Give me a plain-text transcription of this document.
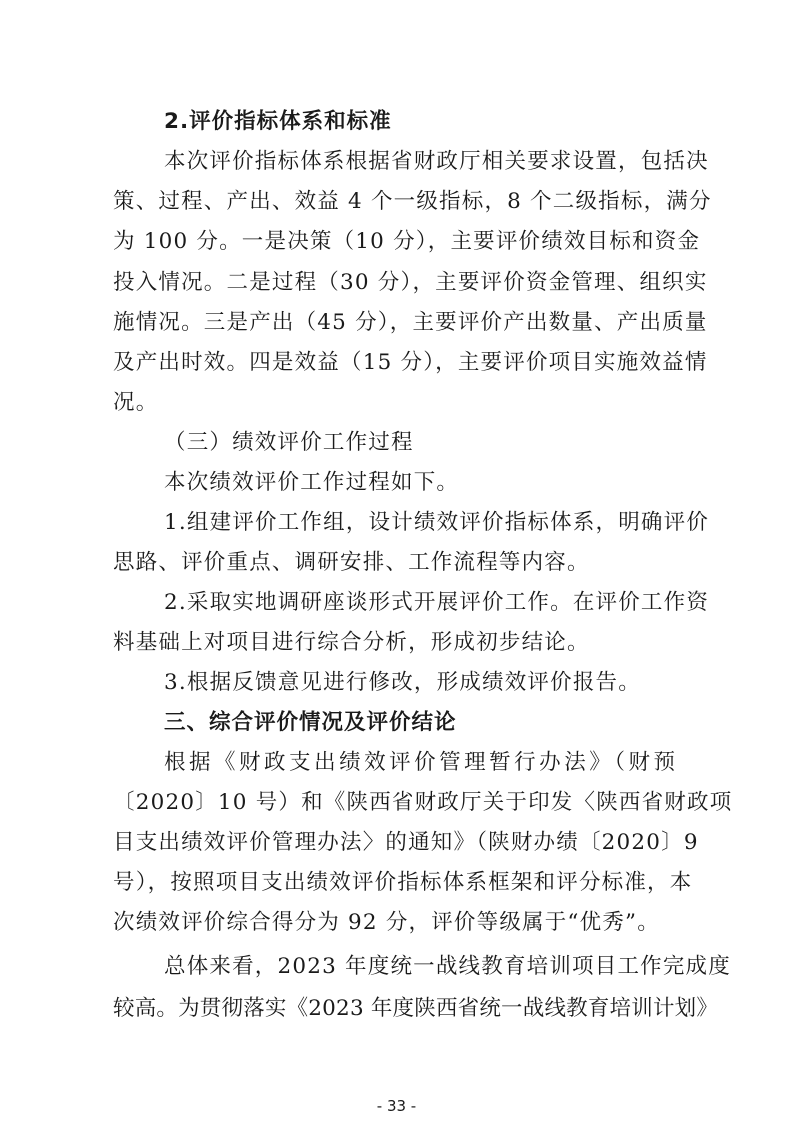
2.评价指标体系和标准
本次评价指标体系根据省财政厅相关要求设置，包括决
策、过程、产出、效益 4 个一级指标，8 个二级指标，满分
为 100 分。一是决策（10 分），主要评价绩效目标和资金
投入情况。二是过程（30 分），主要评价资金管理、组织实
施情况。三是产出（45 分），主要评价产出数量、产出质量
及产出时效。四是效益（15 分），主要评价项目实施效益情
况。
（三）绩效评价工作过程
本次绩效评价工作过程如下。
1.组建评价工作组，设计绩效评价指标体系，明确评价
思路、评价重点、调研安排、工作流程等内容。
2.采取实地调研座谈形式开展评价工作。在评价工作资
料基础上对项目进行综合分析，形成初步结论。
3.根据反馈意见进行修改，形成绩效评价报告。
三、综合评价情况及评价结论
根据《财政支出绩效评价管理暂行办法》（财预
〔2020〕10 号）和《陕西省财政厅关于印发〈陕西省财政项
目支出绩效评价管理办法〉的通知》（陕财办绩〔2020〕9
号），按照项目支出绩效评价指标体系框架和评分标准，本
次绩效评价综合得分为 92 分，评价等级属于“优秀”。
总体来看，2023 年度统一战线教育培训项目工作完成度
较高。为贯彻落实《2023 年度陕西省统一战线教育培训计划》
- 33 -
